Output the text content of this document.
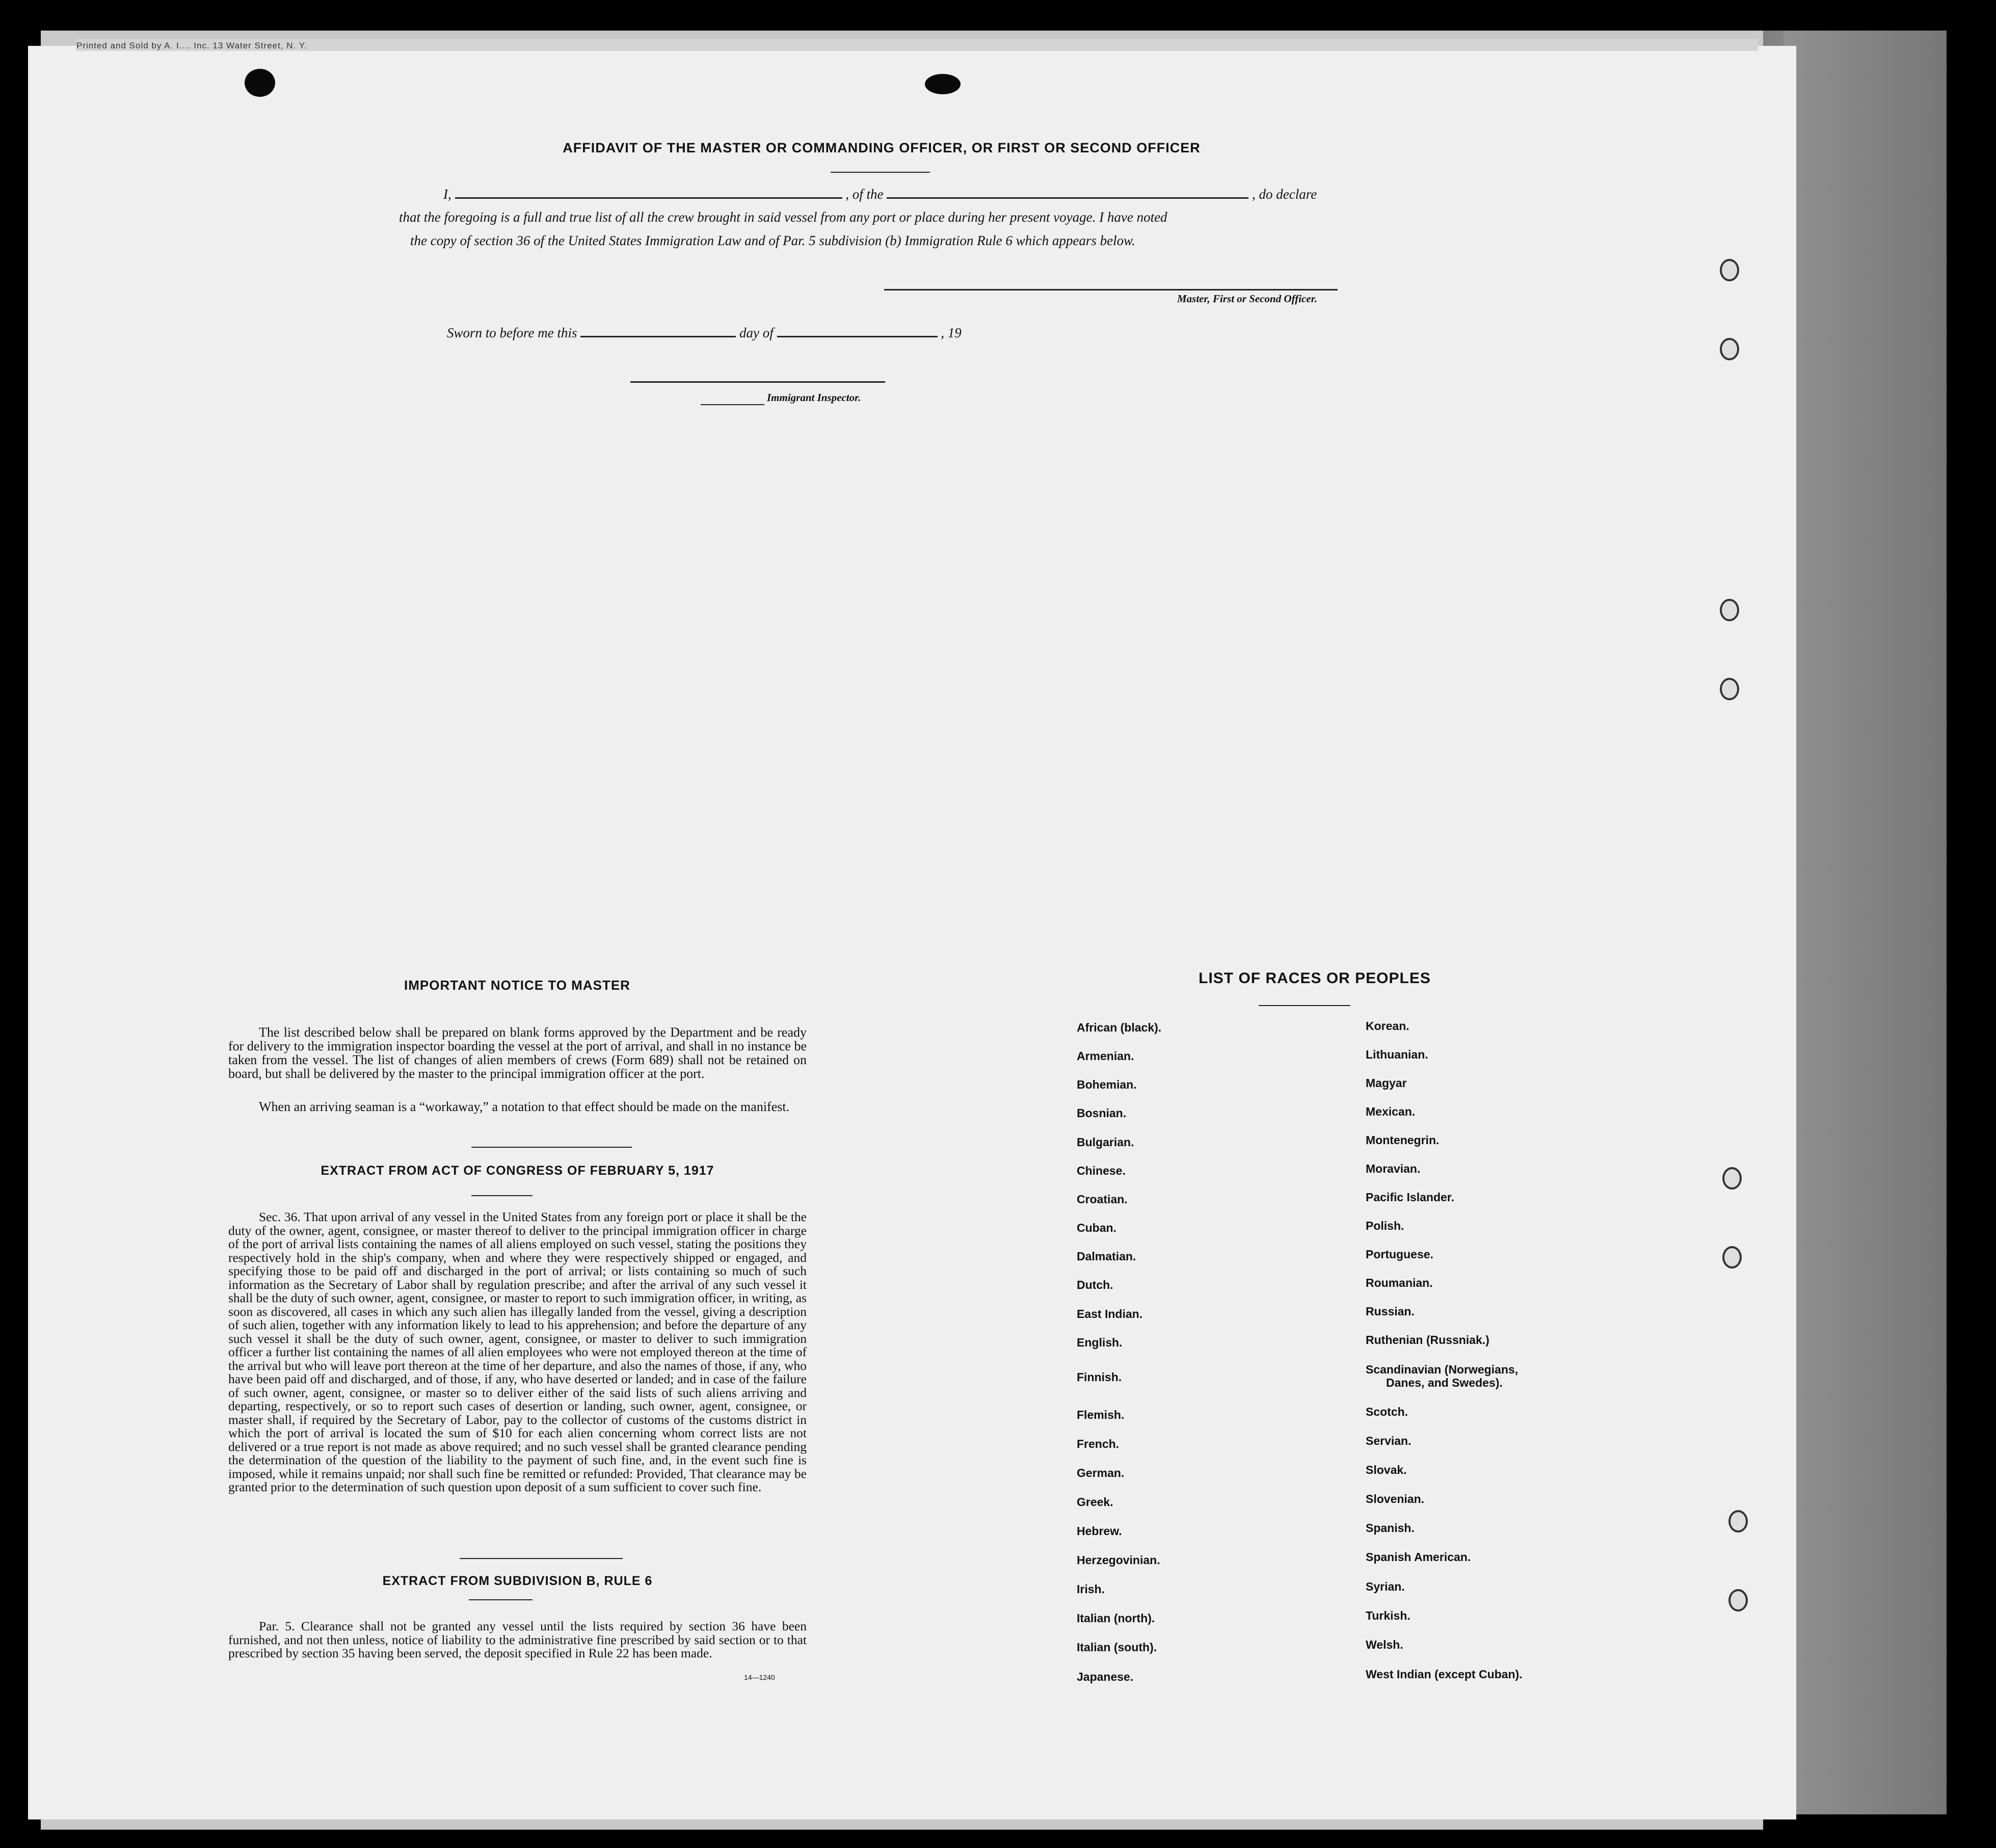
Printed and Sold by A. I.... Inc. 13 Water Street, N. Y.
AFFIDAVIT OF THE MASTER OR COMMANDING OFFICER, OR FIRST OR SECOND OFFICER
I,	, of the	, do declare
that the foregoing is a full and true list of all the crew brought in said vessel from any port or place during her present voyage. I have noted
the copy of section 36 of the United States Immigration Law and of Par. 5 subdivision (b) Immigration Rule 6 which appears below.
Master, First or Second Officer.
Sworn to before me this	day of	, 19
Immigrant Inspector.
IMPORTANT NOTICE TO MASTER
The list described below shall be prepared on blank forms approved by the Department and be ready for delivery to the immigration inspector boarding the vessel at the port of arrival, and shall in no instance be taken from the vessel. The list of changes of alien members of crews (Form 689) shall not be retained on board, but shall be delivered by the master to the principal immigration officer at the port.
When an arriving seaman is a “workaway,” a notation to that effect should be made on the manifest.
EXTRACT FROM ACT OF CONGRESS OF FEBRUARY 5, 1917
Sec. 36. That upon arrival of any vessel in the United States from any foreign port or place it shall be the duty of the owner, agent, consignee, or master thereof to deliver to the principal immigration officer in charge of the port of arrival lists containing the names of all aliens employed on such vessel, stating the positions they respectively hold in the ship's company, when and where they were respectively shipped or engaged, and specifying those to be paid off and discharged in the port of arrival; or lists containing so much of such information as the Secretary of Labor shall by regulation prescribe; and after the arrival of any such vessel it shall be the duty of such owner, agent, consignee, or master to report to such immigration officer, in writing, as soon as discovered, all cases in which any such alien has illegally landed from the vessel, giving a description of such alien, together with any information likely to lead to his apprehension; and before the departure of any such vessel it shall be the duty of such owner, agent, consignee, or master to deliver to such immigration officer a further list containing the names of all alien employees who were not employed thereon at the time of the arrival but who will leave port thereon at the time of her departure, and also the names of those, if any, who have been paid off and discharged, and of those, if any, who have deserted or landed; and in case of the failure of such owner, agent, consignee, or master so to deliver either of the said lists of such aliens arriving and departing, respectively, or so to report such cases of desertion or landing, such owner, agent, consignee, or master shall, if required by the Secretary of Labor, pay to the collector of customs of the customs district in which the port of arrival is located the sum of $10 for each alien concerning whom correct lists are not delivered or a true report is not made as above required; and no such vessel shall be granted clearance pending the determination of the question of the liability to the payment of such fine, and, in the event such fine is imposed, while it remains unpaid; nor shall such fine be remitted or refunded: Provided, That clearance may be granted prior to the determination of such question upon deposit of a sum sufficient to cover such fine.
EXTRACT FROM SUBDIVISION B, RULE 6
Par. 5. Clearance shall not be granted any vessel until the lists required by section 36 have been furnished, and not then unless, notice of liability to the administrative fine prescribed by said section or to that prescribed by section 35 having been served, the deposit specified in Rule 22 has been made.
14—1240
LIST OF RACES OR PEOPLES
African (black).
Armenian.
Bohemian.
Bosnian.
Bulgarian.
Chinese.
Croatian.
Cuban.
Dalmatian.
Dutch.
East Indian.
English.
Finnish.
Flemish.
French.
German.
Greek.
Hebrew.
Herzegovinian.
Irish.
Italian (north).
Italian (south).
Japanese.
Korean.
Lithuanian.
Magyar
Mexican.
Montenegrin.
Moravian.
Pacific Islander.
Polish.
Portuguese.
Roumanian.
Russian.
Ruthenian (Russniak.)
Scandinavian (Norwegians,
Danes, and Swedes).
Scotch.
Servian.
Slovak.
Slovenian.
Spanish.
Spanish American.
Syrian.
Turkish.
Welsh.
West Indian (except Cuban).
